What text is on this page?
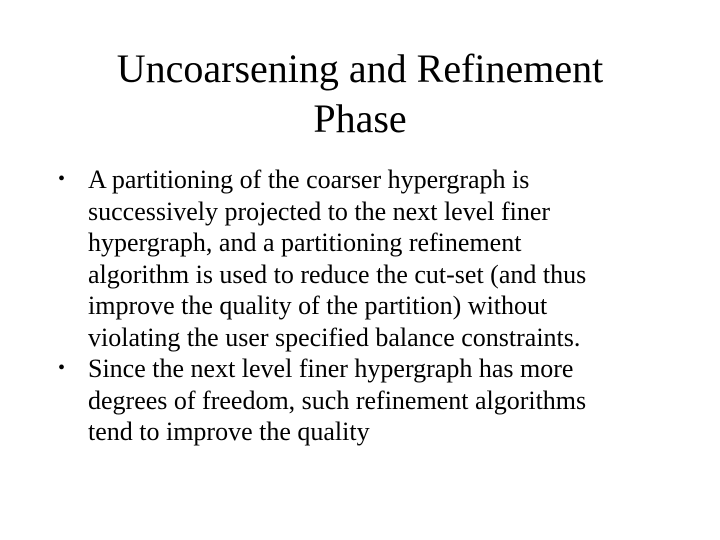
Uncoarsening and Refinement
Phase
• A partitioning of the coarser hypergraph is
successively projected to the next level finer
hypergraph, and a partitioning refinement
algorithm is used to reduce the cut-set (and thus
improve the quality of the partition) without
violating the user specified balance constraints.
• Since the next level finer hypergraph has more
degrees of freedom, such refinement algorithms
tend to improve the quality
